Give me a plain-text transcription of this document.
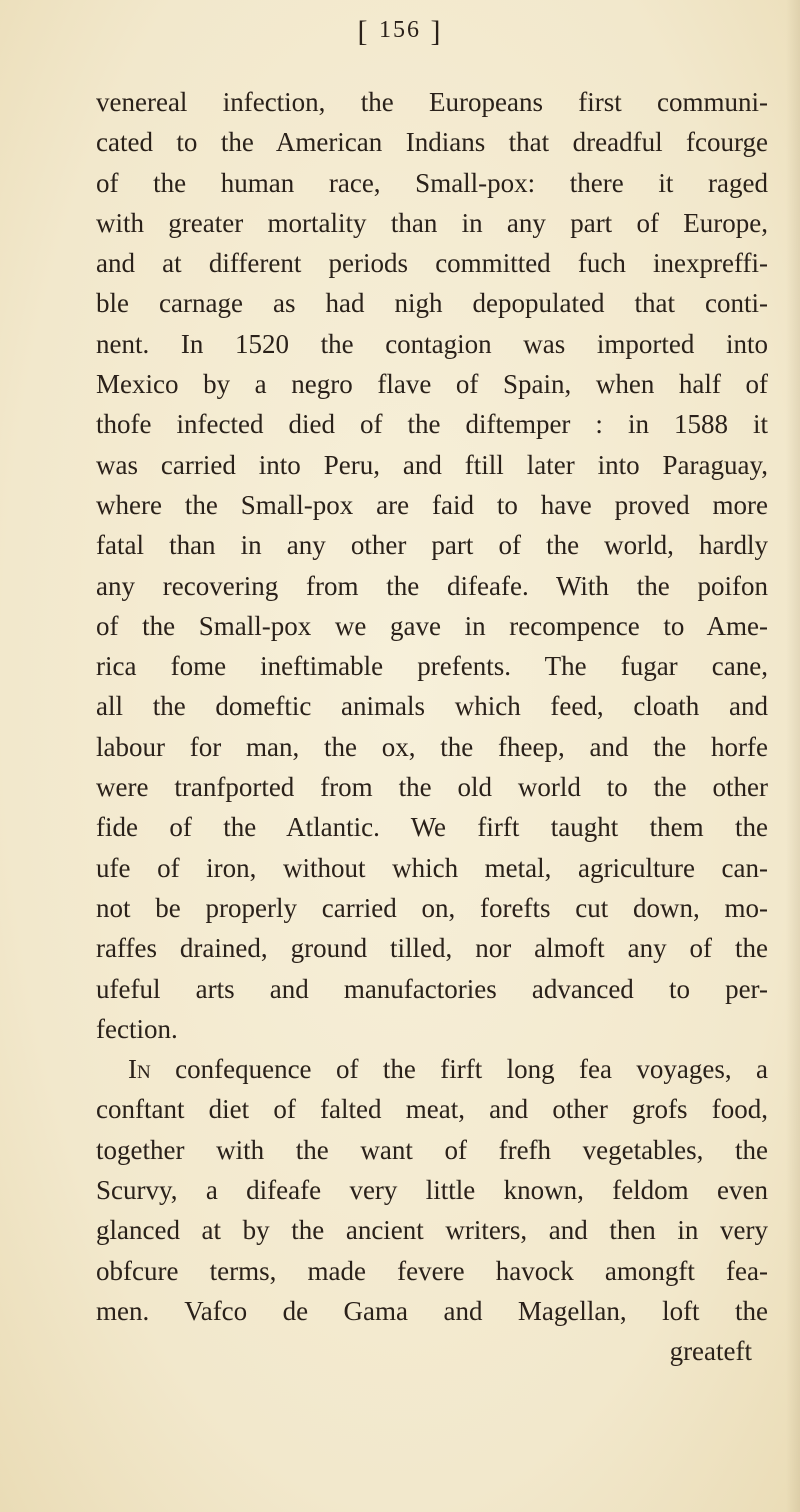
[ 156 ]
venereal infection, the Europeans first communi-
cated to the American Indians that dreadful fcourge
of the human race, Small-pox: there it raged
with greater mortality than in any part of Europe,
and at different periods committed fuch inexpreffi-
ble carnage as had nigh depopulated that conti-
nent. In 1520 the contagion was imported into
Mexico by a negro flave of Spain, when half of
thofe infected died of the diftemper : in 1588 it
was carried into Peru, and ftill later into Paraguay,
where the Small-pox are faid to have proved more
fatal than in any other part of the world, hardly
any recovering from the difeafe. With the poifon
of the Small-pox we gave in recompence to Ame-
rica fome ineftimable prefents. The fugar cane,
all the domeftic animals which feed, cloath and
labour for man, the ox, the fheep, and the horfe
were tranfported from the old world to the other
fide of the Atlantic. We firft taught them the
ufe of iron, without which metal, agriculture can-
not be properly carried on, forefts cut down, mo-
raffes drained, ground tilled, nor almoft any of the
ufeful arts and manufactories advanced to per-
fection.
In confequence of the firft long fea voyages, a
conftant diet of falted meat, and other grofs food,
together with the want of frefh vegetables, the
Scurvy, a difeafe very little known, feldom even
glanced at by the ancient writers, and then in very
obfcure terms, made fevere havock amongft fea-
men. Vafco de Gama and Magellan, loft the
greateft
